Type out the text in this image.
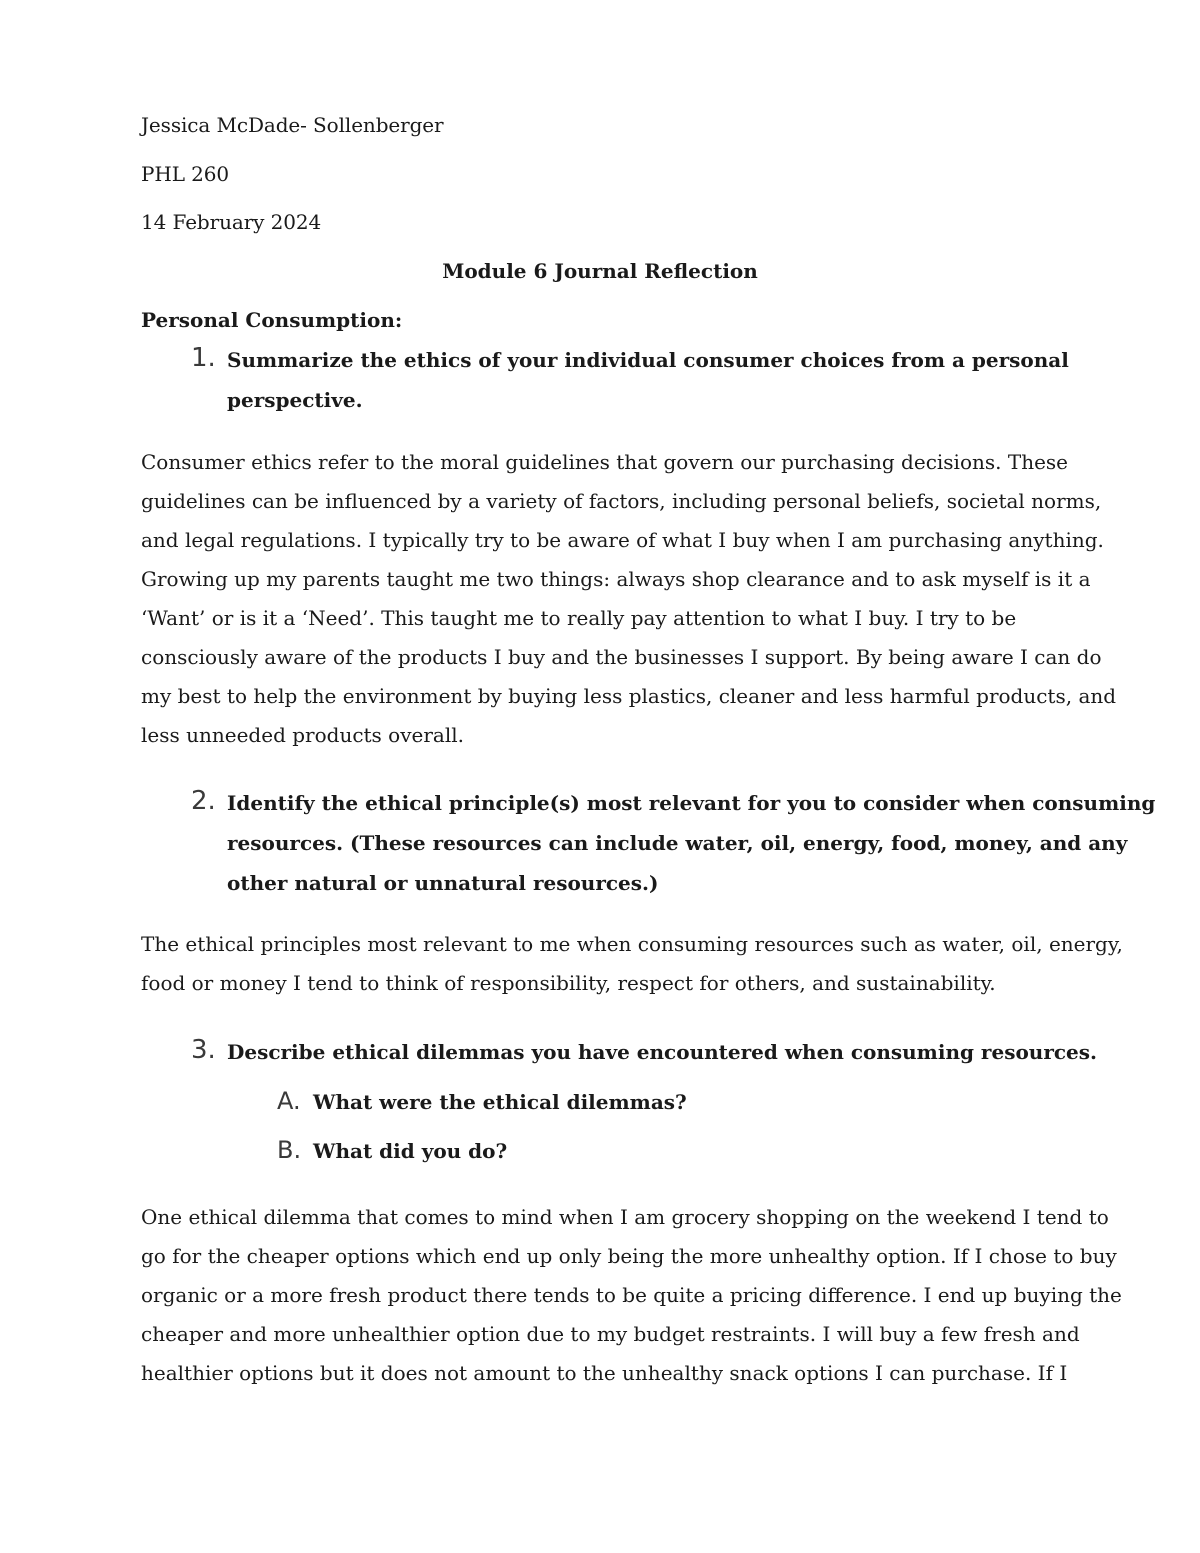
Jessica McDade- Sollenberger
PHL 260
14 February 2024
Module 6 Journal Reflection
Personal Consumption:
1. Summarize the ethics of your individual consumer choices from a personal
perspective.
Consumer ethics refer to the moral guidelines that govern our purchasing decisions. These
guidelines can be influenced by a variety of factors, including personal beliefs, societal norms,
and legal regulations. I typically try to be aware of what I buy when I am purchasing anything.
Growing up my parents taught me two things: always shop clearance and to ask myself is it a
‘Want’ or is it a ‘Need’. This taught me to really pay attention to what I buy. I try to be
consciously aware of the products I buy and the businesses I support. By being aware I can do
my best to help the environment by buying less plastics, cleaner and less harmful products, and
less unneeded products overall.
2. Identify the ethical principle(s) most relevant for you to consider when consuming
resources. (These resources can include water, oil, energy, food, money, and any
other natural or unnatural resources.)
The ethical principles most relevant to me when consuming resources such as water, oil, energy,
food or money I tend to think of responsibility, respect for others, and sustainability.
3. Describe ethical dilemmas you have encountered when consuming resources.
A. What were the ethical dilemmas?
B. What did you do?
One ethical dilemma that comes to mind when I am grocery shopping on the weekend I tend to
go for the cheaper options which end up only being the more unhealthy option. If I chose to buy
organic or a more fresh product there tends to be quite a pricing difference. I end up buying the
cheaper and more unhealthier option due to my budget restraints. I will buy a few fresh and
healthier options but it does not amount to the unhealthy snack options I can purchase. If I
